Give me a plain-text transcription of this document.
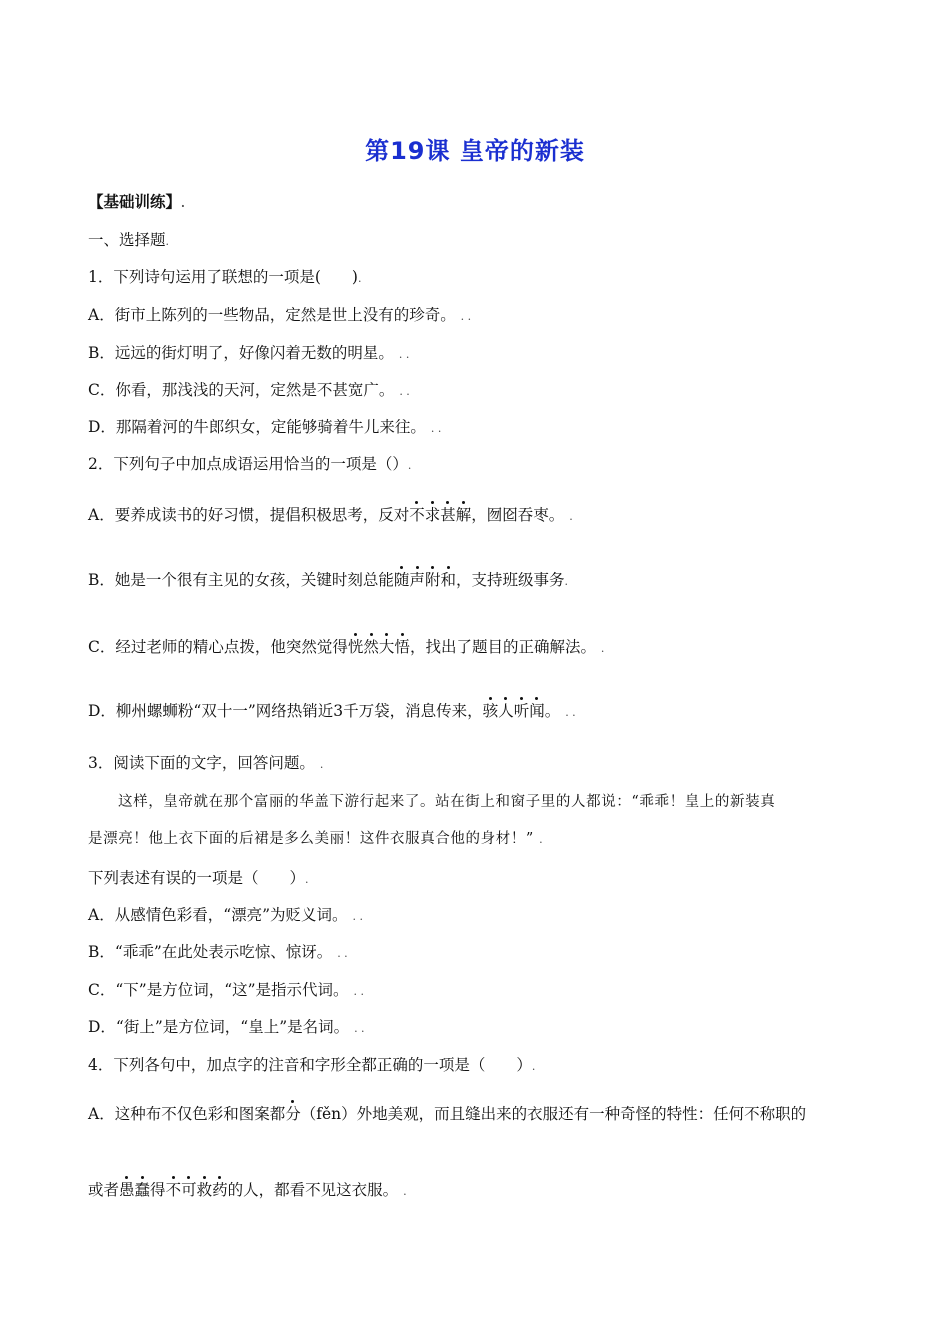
第19课 皇帝的新装
【基础训练】.
一、选择题.
1．下列诗句运用了联想的一项是(　　).
A．街市上陈列的一些物品，定然是世上没有的珍奇。 . .
B．远远的街灯明了，好像闪着无数的明星。 . .
C．你看，那浅浅的天河，定然是不甚宽广。 . .
D．那隔着河的牛郎织女，定能够骑着牛儿来往。 . .
2．下列句子中加点成语运用恰当的一项是（）.
A．要养成读书的好习惯，提倡积极思考，反对不求甚解，囫囵吞枣。 .
B．她是一个很有主见的女孩，关键时刻总能随声附和，支持班级事务.
C．经过老师的精心点拨，他突然觉得恍然大悟，找出了题目的正确解法。 .
D．柳州螺蛳粉“双十一”网络热销近3千万袋，消息传来，骇人听闻。 . .
3．阅读下面的文字，回答问题。 .
这样，皇帝就在那个富丽的华盖下游行起来了。站在街上和窗子里的人都说：“乖乖！皇上的新装真
是漂亮！他上衣下面的后裙是多么美丽！这件衣服真合他的身材！” .
下列表述有误的一项是（　　）.
A．从感情色彩看，“漂亮”为贬义词。 . .
B．“乖乖”在此处表示吃惊、惊讶。 . .
C．“下”是方位词，“这”是指示代词。 . .
D．“街上”是方位词，“皇上”是名词。 . .
4．下列各句中，加点字的注音和字形全都正确的一项是（　　）.
A．这种布不仅色彩和图案都分（fěn）外地美观，而且缝出来的衣服还有一种奇怪的特性：任何不称职的
或者愚蠢得不可救药的人，都看不见这衣服。 .
